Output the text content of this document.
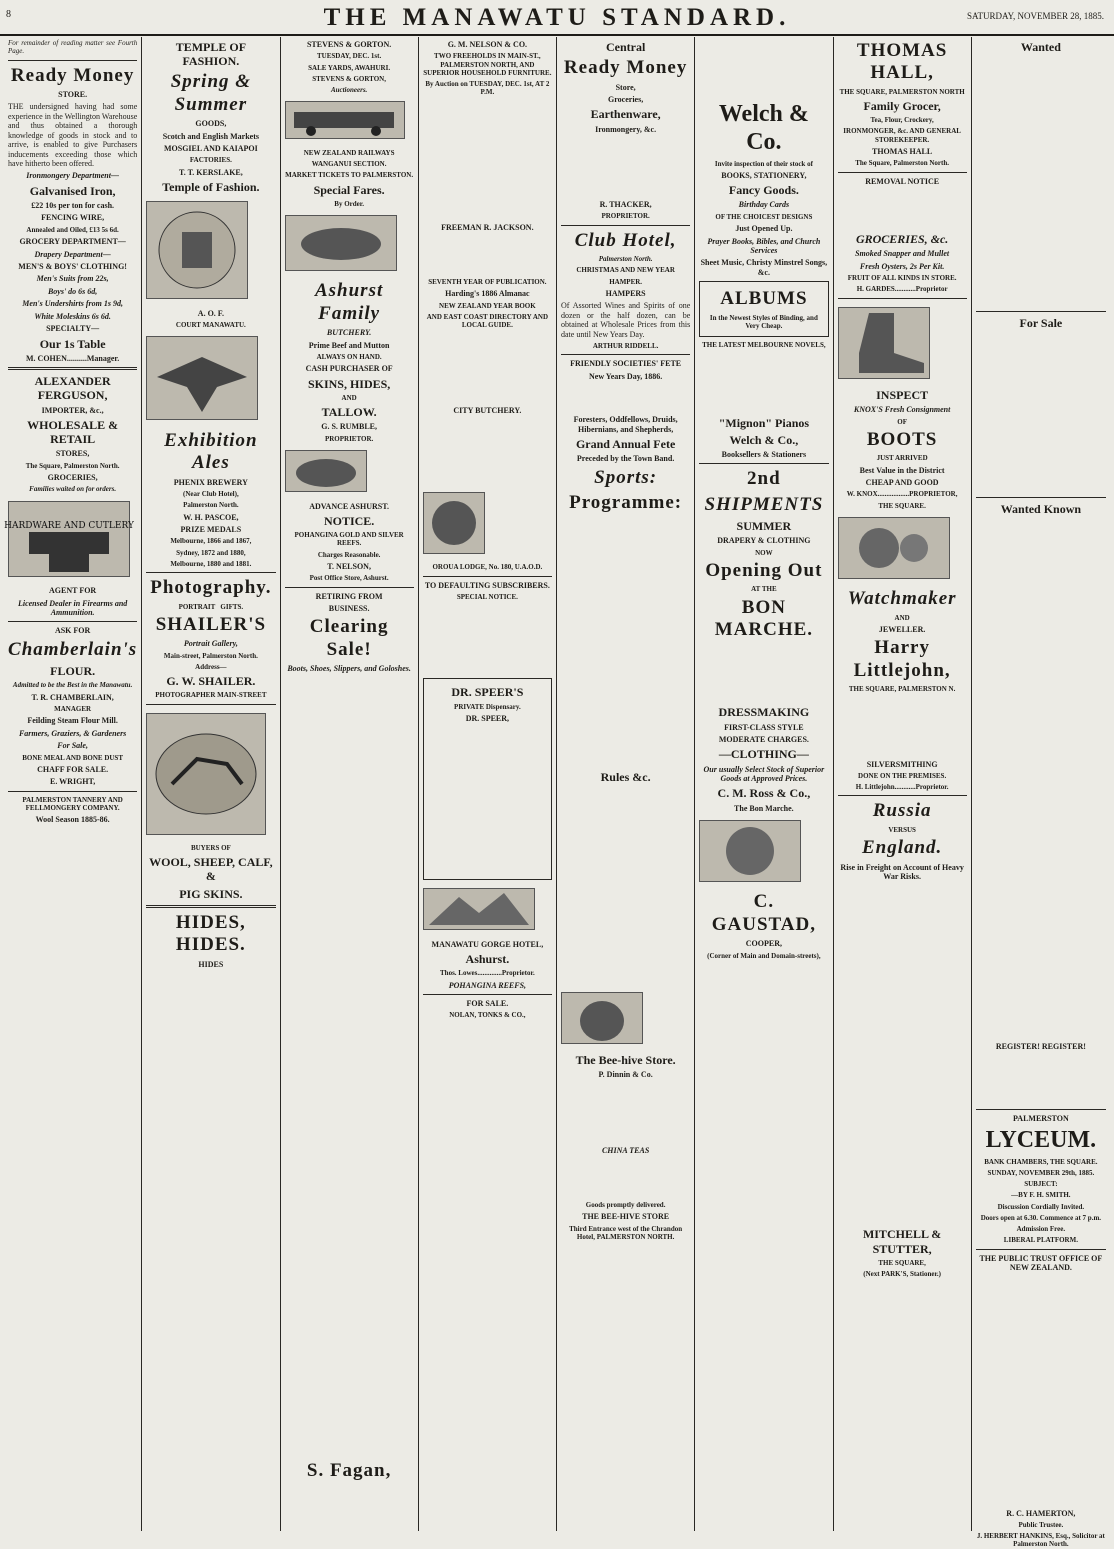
8	THE MANAWATU STANDARD.	SATURDAY, NOVEMBER 28, 1885.

For remainder of reading matter see Fourth Page.

Ready Money
STORE.

THE undersigned having had some experience in the Wellington Warehouse and thus obtained a thorough knowledge of goods in stock and to arrive, is enabled to give Purchasers inducements exceeding those which have hitherto been offered.

Ironmongery Department—
Galvanised Iron,
£22 10s per ton for cash.
FENCING WIRE,
Annealed and Oiled, £13 5s 6d.
GROCERY DEPARTMENT—
Drapery Department—
MEN'S & BOYS' CLOTHING!
Men's Suits from 22s,
Boys' do 6s 6d,
Men's Undershirts from 1s 9d,
White Moleskins 6s 6d.
SPECIALTY—
Our 1s Table
M. COHEN..........Manager.
ALEXANDER FERGUSON,
IMPORTER, &c.,
WHOLESALE & RETAIL
STORES,
The Square, Palmerston North.
GROCERIES,
Families waited on for orders.
HARDWARE AND CUTLERY
AGENT FOR
Licensed Dealer in Firearms and Ammunition.
ASK FOR
Chamberlain's
FLOUR.
Admitted to be the Best in the Manawatu.
T. R. CHAMBERLAIN,
MANAGER
Feilding Steam Flour Mill.
Farmers, Graziers, & Gardeners
For Sale,
BONE MEAL AND BONE DUST
CHAFF FOR SALE.
E. WRIGHT,
PALMERSTON TANNERY AND FELLMONGERY COMPANY.
Wool Season 1885-86.
TEMPLE OF FASHION.
Spring & Summer
GOODS,
Scotch and English Markets
MOSGIEL AND KAIAPOI
FACTORIES.
T. T. KERSLAKE,
Temple of Fashion.
A. O. F.
COURT MANAWATU.
Exhibition Ales
PHENIX BREWERY
(Near Club Hotel),
Palmerston North.
W. H. PASCOE,
PRIZE MEDALS
Melbourne, 1866 and 1867,
Sydney, 1872 and 1880,
Melbourne, 1880 and 1881.
Photography.
PORTRAIT GIFTS.
SHAILER'S
Portrait Gallery,
Main-street, Palmerston North.
Address—
G. W. SHAILER.
PHOTOGRAPHER MAIN-STREET
BUYERS OF
WOOL, SHEEP, CALF, &
PIG SKINS.
HIDES, HIDES.
HIDES
STEVENS & GORTON.
TUESDAY, DEC. 1st.
SALE YARDS, AWAHURI.
STEVENS & GORTON,
Auctioneers.
NEW ZEALAND RAILWAYS
WANGANUI SECTION.
MARKET TICKETS TO PALMERSTON.
Special Fares.
By Order.
Ashurst Family
BUTCHERY.
Prime Beef and Mutton
ALWAYS ON HAND.
CASH PURCHASER OF
SKINS, HIDES,
AND
TALLOW.
G. S. RUMBLE,
PROPRIETOR.
ADVANCE ASHURST.
NOTICE.
POHANGINA GOLD AND SILVER REEFS.
Charges Reasonable.
T. NELSON,
Post Office Store, Ashurst.
RETIRING FROM
BUSINESS.
Clearing Sale!
Boots, Shoes, Slippers, and Goloshes.
S. Fagan,
G. M. NELSON & CO.
TWO FREEHOLDS IN MAIN-ST., PALMERSTON NORTH, AND SUPERIOR HOUSEHOLD FURNITURE.
By Auction on TUESDAY, DEC. 1st, AT 2 P.M.
FREEMAN R. JACKSON.
SEVENTH YEAR OF PUBLICATION.
Harding's 1886 Almanac
NEW ZEALAND YEAR BOOK
AND EAST COAST DIRECTORY AND LOCAL GUIDE.
CITY BUTCHERY.
OROUA LODGE, No. 180, U.A.O.D.
TO DEFAULTING SUBSCRIBERS.
SPECIAL NOTICE.
DR. SPEER'S
PRIVATE Dispensary.
DR. SPEER,
MANAWATU GORGE HOTEL,
Ashurst.
Thos. Lowes..............Proprietor.
POHANGINA REEFS,
FOR SALE.
NOLAN, TONKS & CO.,
Central
Ready Money
Store,
Groceries,
Earthenware,
Ironmongery, &c.
R. THACKER,
PROPRIETOR.
Club Hotel,
Palmerston North.
CHRISTMAS AND NEW YEAR
HAMPER.
HAMPERS

Of Assorted Wines and Spirits of one dozen or the half dozen, can be obtained at Wholesale Prices from this date until New Years Day.

ARTHUR RIDDELL.
FRIENDLY SOCIETIES' FETE
New Years Day, 1886.
Foresters, Oddfellows, Druids, Hibernians, and Shepherds,
Grand Annual Fete
Preceded by the Town Band.
Sports:
Programme:
Rules &c.
The Bee-hive Store.
P. Dinnin & Co.
CHINA TEAS
Goods promptly delivered.
THE BEE-HIVE STORE
Third Entrance west of the Chrandon Hotel, PALMERSTON NORTH.
Welch & Co.
Invite inspection of their stock of
BOOKS, STATIONERY,
Fancy Goods.
Birthday Cards
OF THE CHOICEST DESIGNS
Just Opened Up.
Prayer Books, Bibles, and Church Services
Sheet Music, Christy Minstrel Songs, &c.
ALBUMS
In the Newest Styles of Binding, and Very Cheap.
THE LATEST MELBOURNE NOVELS,
"Mignon" Pianos
Welch & Co.,
Booksellers & Stationers
2nd
SHIPMENTS
SUMMER
DRAPERY & CLOTHING
NOW
Opening Out
AT THE
BON MARCHE.
DRESSMAKING
FIRST-CLASS STYLE
MODERATE CHARGES.
—CLOTHING—
Our usually Select Stock of Superior Goods at Approved Prices.
C. M. Ross & Co.,
The Bon Marche.
C. GAUSTAD,
COOPER,
(Corner of Main and Domain-streets),
THOMAS HALL,
THE SQUARE, PALMERSTON NORTH
Family Grocer,
Tea, Flour, Crockery,
IRONMONGER, &c. AND GENERAL STOREKEEPER.
THOMAS HALL
The Square, Palmerston North.
REMOVAL NOTICE
GROCERIES, &c.
Smoked Snapper and Mullet
Fresh Oysters, 2s Per Kit.
FRUIT OF ALL KINDS IN STORE.
H. GARDES............Proprietor
INSPECT
KNOX'S Fresh Consignment
OF
BOOTS
JUST ARRIVED
Best Value in the District
CHEAP AND GOOD
W. KNOX..................PROPRIETOR,
THE SQUARE.
Watchmaker
AND
JEWELLER.
Harry Littlejohn,
THE SQUARE, PALMERSTON N.
SILVERSMITHING
DONE ON THE PREMISES.
H. Littlejohn............Proprietor.
Russia
VERSUS
England.
Rise in Freight on Account of Heavy War Risks.
MITCHELL & STUTTER,
THE SQUARE,
(Next PARK'S, Stationer.)
Wanted
For Sale
Wanted Known
REGISTER! REGISTER!
PALMERSTON
LYCEUM.
BANK CHAMBERS, THE SQUARE.
SUNDAY, NOVEMBER 29th, 1885.
SUBJECT:
—BY F. H. SMITH.
Discussion Cordially Invited.
Doors open at 6.30. Commence at 7 p.m.
Admission Free.
LIBERAL PLATFORM.
THE PUBLIC TRUST OFFICE OF NEW ZEALAND.
R. C. HAMERTON,
Public Trustee.
J. HERBERT HANKINS, Esq., Solicitor at Palmerston North.
